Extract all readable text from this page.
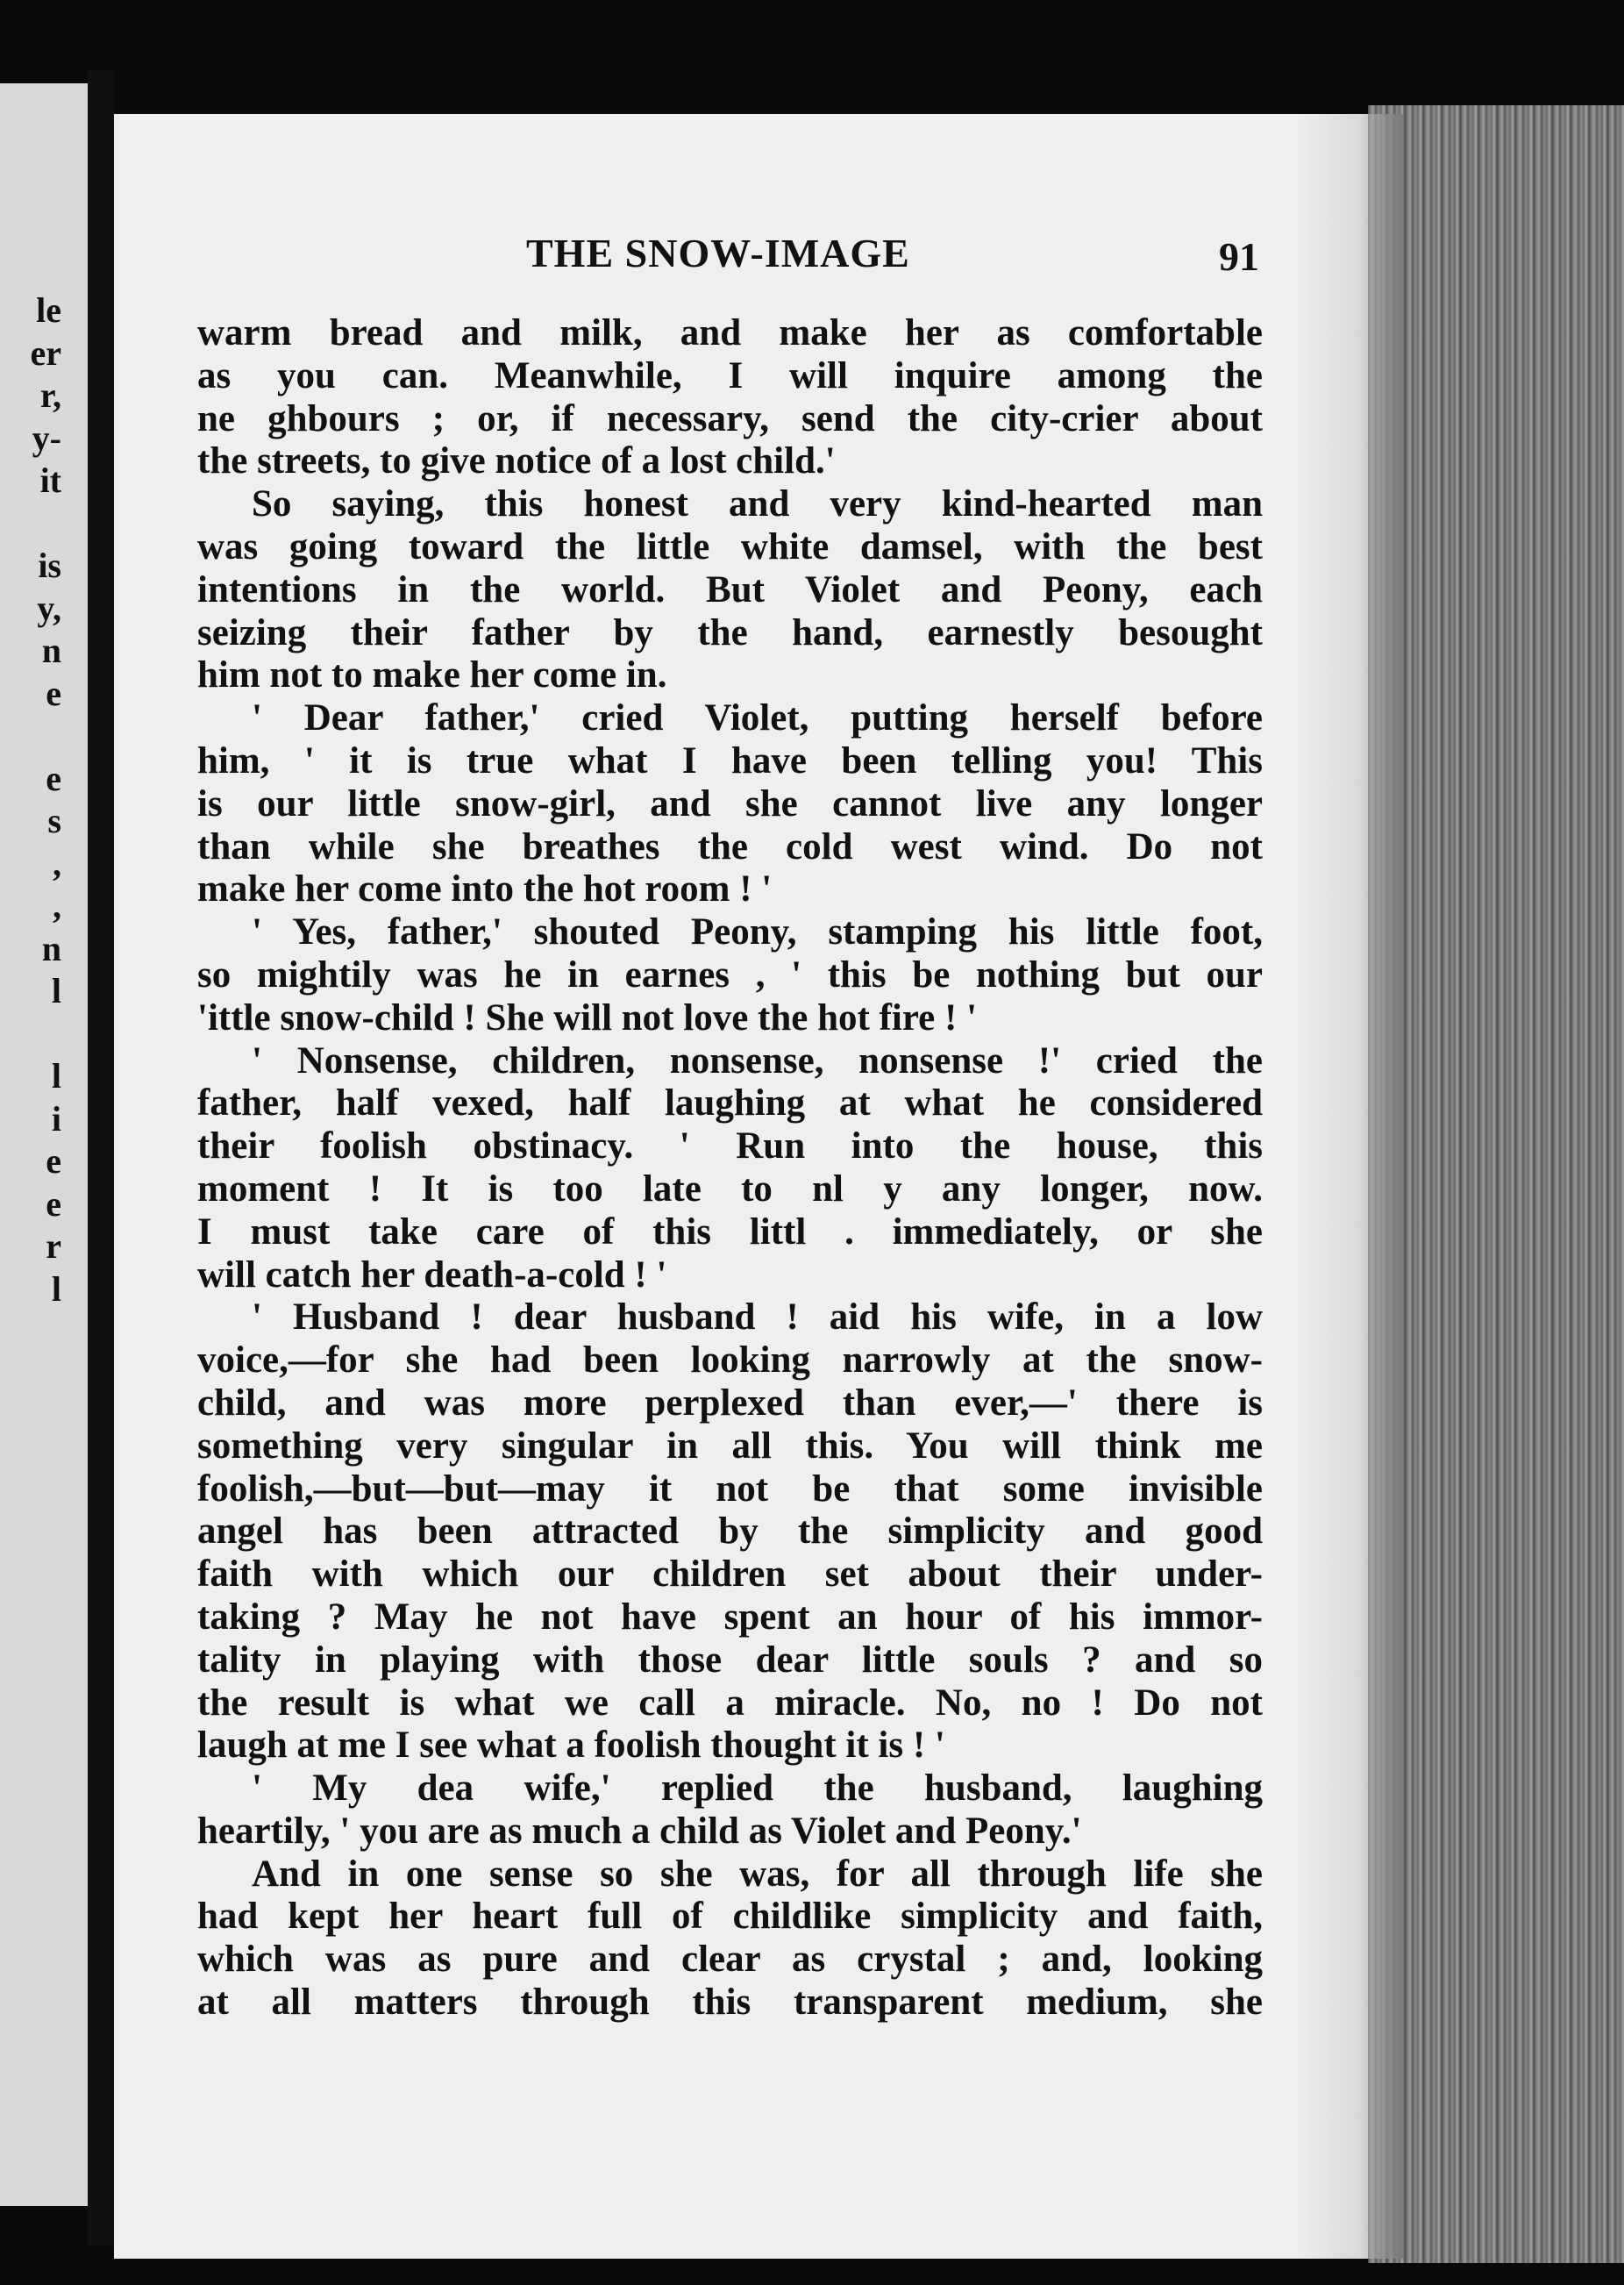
le
er
r,
y-
it
is
y,
n
e
e
s
,
,
n
l
l
i
e
e
r
l
THE SNOW-IMAGE	91
warm bread and milk, and make her as comfortable
as you can. Meanwhile, I will inquire among the
ne ghbours ; or, if necessary, send the city-crier about
the streets, to give notice of a lost child.'
So saying, this honest and very kind-hearted man
was going toward the little white damsel, with the best
intentions in the world. But Violet and Peony, each
seizing their father by the hand, earnestly besought
him not to make her come in.
' Dear father,' cried Violet, putting herself before
him, ' it is true what I have been telling you! This
is our little snow-girl, and she cannot live any longer
than while she breathes the cold west wind. Do not
make her come into the hot room ! '
' Yes, father,' shouted Peony, stamping his little foot,
so mightily was he in earnes , ' this be nothing but our
'ittle snow-child ! She will not love the hot fire ! '
' Nonsense, children, nonsense, nonsense !' cried the
father, half vexed, half laughing at what he considered
their foolish obstinacy. ' Run into the house, this
moment ! It is too late to nl y any longer, now.
I must take care of this littl . immediately, or she
will catch her death-a-cold ! '
' Husband ! dear husband ! aid his wife, in a low
voice,—for she had been looking narrowly at the snow-
child, and was more perplexed than ever,—' there is
something very singular in all this. You will think me
foolish,—but—but—may it not be that some invisible
angel has been attracted by the simplicity and good
faith with which our children set about their under-
taking ? May he not have spent an hour of his immor-
tality in playing with those dear little souls ? and so
the result is what we call a miracle. No, no ! Do not
laugh at me I see what a foolish thought it is ! '
' My dea wife,' replied the husband, laughing
heartily, ' you are as much a child as Violet and Peony.'
And in one sense so she was, for all through life she
had kept her heart full of childlike simplicity and faith,
which was as pure and clear as crystal ; and, looking
at all matters through this transparent medium, she
